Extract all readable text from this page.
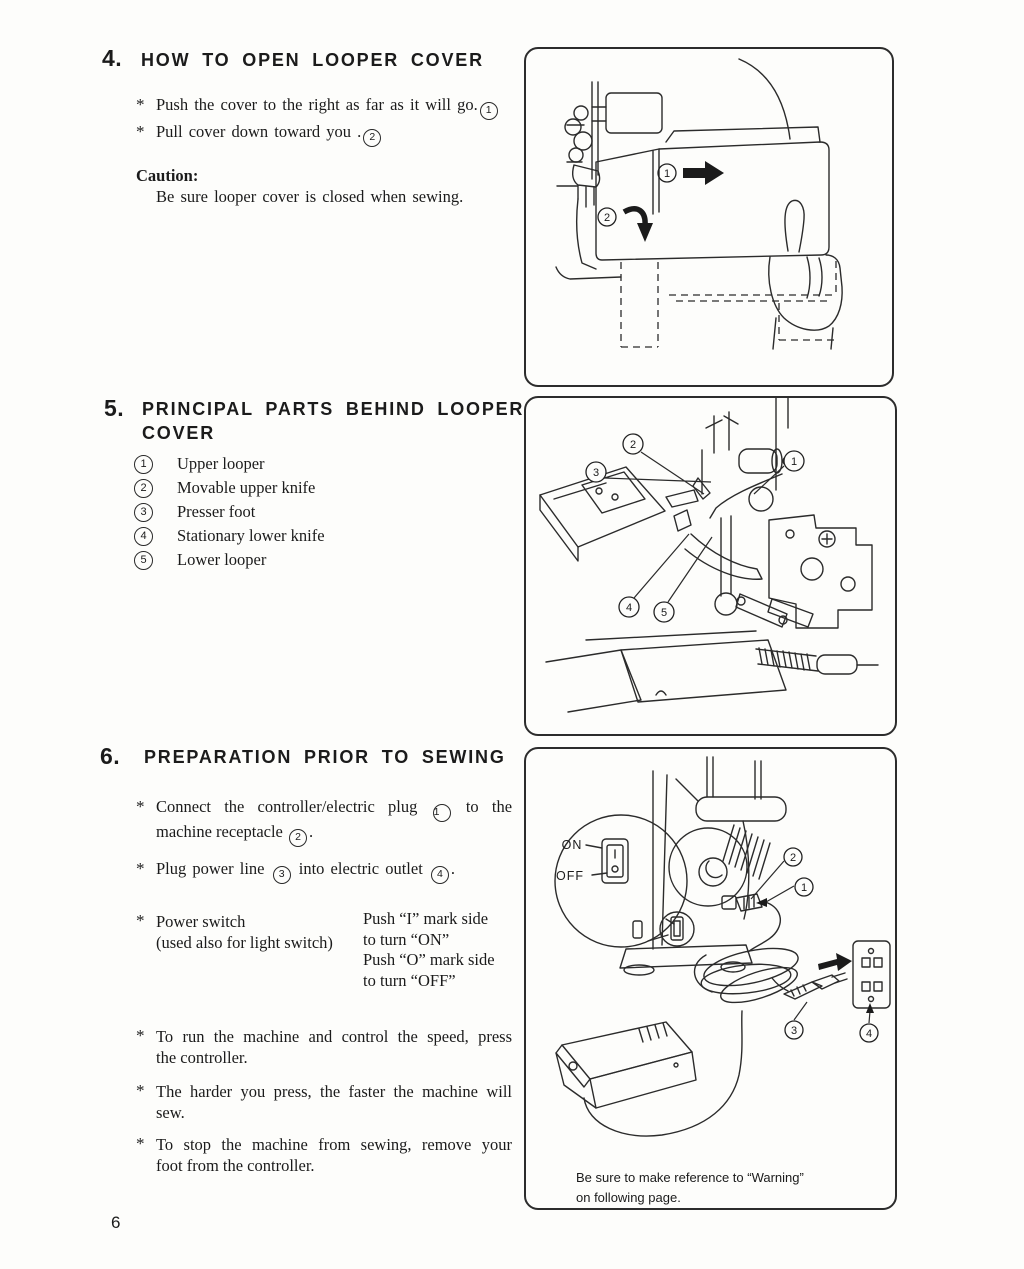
4. HOW TO OPEN LOOPER COVER
* Push the cover to the right as far as it will go. 1
* Pull cover down toward you . 2
Caution:
Be sure looper cover is closed when sewing.
5. PRINCIPAL PARTS BEHIND LOOPER
COVER
1	Upper looper
2	Movable upper knife
3	Presser foot
4	Stationary lower knife
5	Lower looper
6. PREPARATION PRIOR TO SEWING
* Connect the controller/electric plug 1 to the
machine receptacle 2 .
* Plug power line 3 into electric outlet 4 .
* Power switch
(used also for light switch)
Push “I” mark side
to turn “ON”
Push “O” mark side
to turn “OFF”
* To run the machine and control the speed, press
the controller.
* The harder you press, the faster the machine will
sew.
* To stop the machine from sewing, remove your
foot from the controller.
1
2
1
2
3
4	5
ON
OFF
2
1
3	4
Be sure to make reference to “Warning”
on following page.
6
